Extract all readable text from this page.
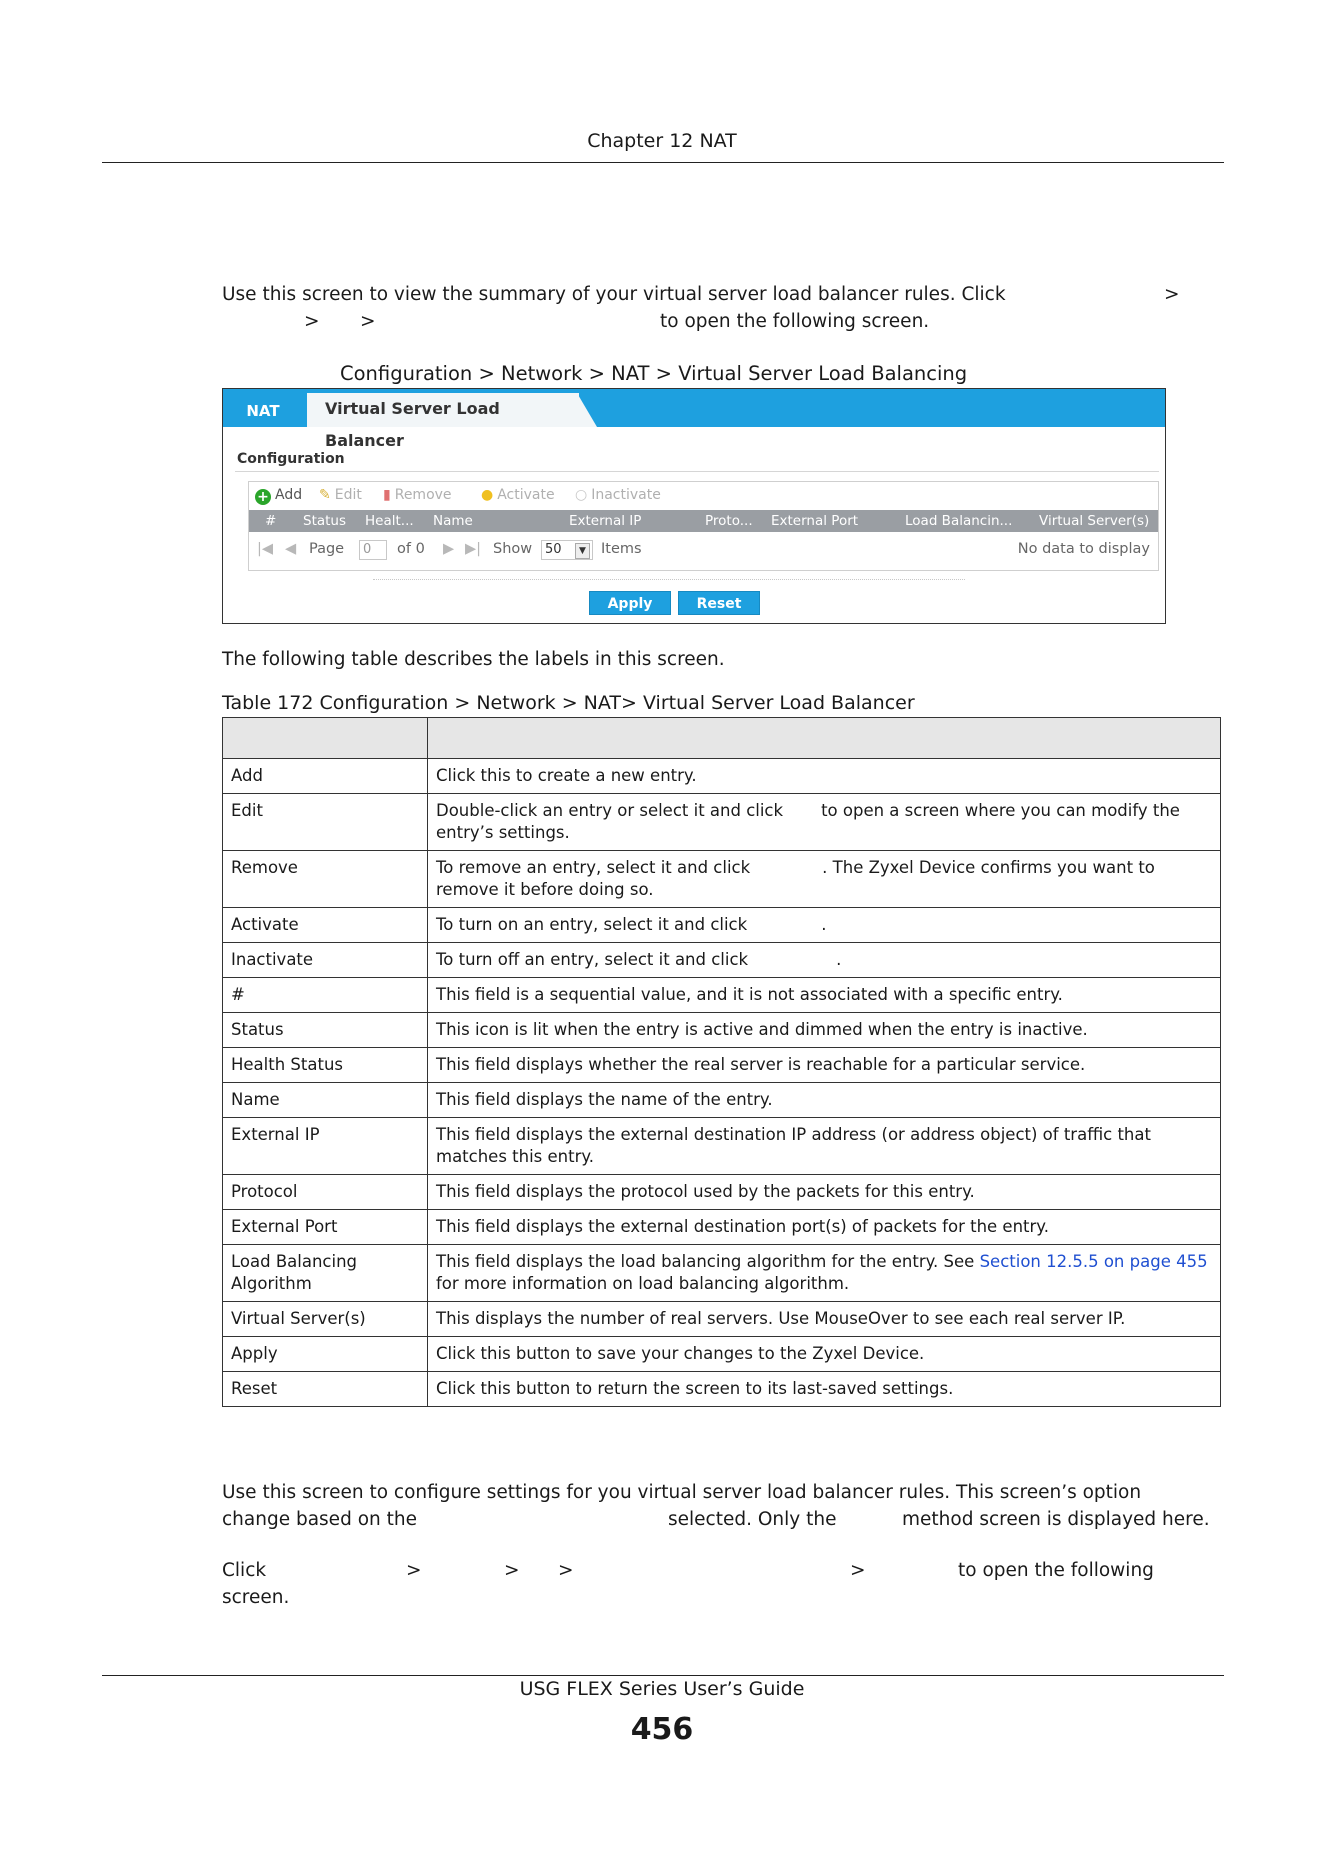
Chapter 12 NAT
Use this screen to view the summary of your virtual server load balancer rules. Click	>
> >	to open the following screen.
Configuration > Network > NAT > Virtual Server Load Balancing
NAT	Virtual Server Load Balancer
Configuration
+ Add ✎ Edit ▮ Remove ● Activate ○ Inactivate
# Status Healt... Name	External IP	Proto... External Port	Load Balancin... Virtual Server(s)
|◀ ◀ Page	0	of 0 ▶ ▶| Show 50	▼ Items	No data to display
Apply	Reset
The following table describes the labels in this screen.
Table 172 Configuration > Network > NAT> Virtual Server Load Balancer

Add	Click this to create a new entry.
Edit	Double-click an entry or select it and click to open a screen where you can modify the
entry’s settings.
Remove	To remove an entry, select it and click . The Zyxel Device confirms you want to
remove it before doing so.
Activate	To turn on an entry, select it and click .
Inactivate	To turn off an entry, select it and click .
#	This field is a sequential value, and it is not associated with a specific entry.
Status	This icon is lit when the entry is active and dimmed when the entry is inactive.
Health Status	This field displays whether the real server is reachable for a particular service.
Name	This field displays the name of the entry.
External IP	This field displays the external destination IP address (or address object) of traffic that matches this entry.
Protocol	This field displays the protocol used by the packets for this entry.
External Port	This field displays the external destination port(s) of packets for the entry.
Load Balancing Algorithm	This field displays the load balancing algorithm for the entry. See Section 12.5.5 on page 455 for more information on load balancing algorithm.
Virtual Server(s)	This displays the number of real servers. Use MouseOver to see each real server IP.
Apply	Click this button to save your changes to the Zyxel Device.
Reset	Click this button to return the screen to its last-saved settings.
Use this screen to configure settings for you virtual server load balancer rules. This screen’s option
change based on the	selected. Only the	method screen is displayed here.
Click	>	> >	>	to open the following
screen.
USG FLEX Series User’s Guide
456
